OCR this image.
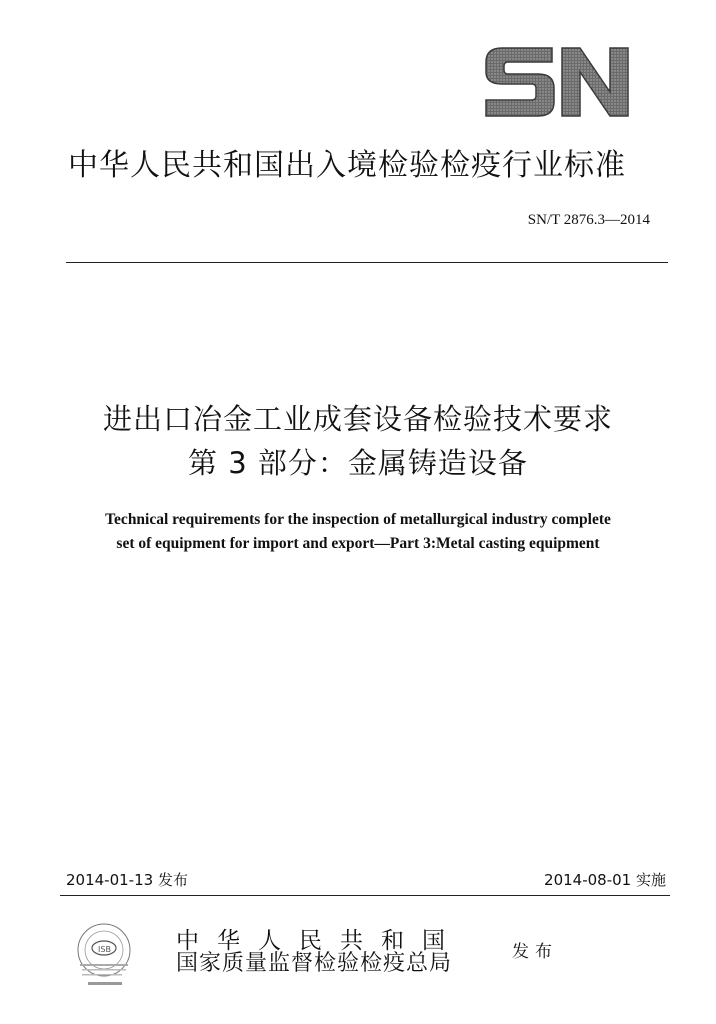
中华人民共和国出入境检验检疫行业标准
SN/T 2876.3—2014
进出口冶金工业成套设备检验技术要求
第 3 部分：金属铸造设备
Technical requirements for the inspection of metallurgical industry complete
set of equipment for import and export—Part 3:Metal casting equipment
2014-01-13 发布	2014-08-01 实施
ISB	中华人民共和国
国家质量监督检验检疫总局	发布
